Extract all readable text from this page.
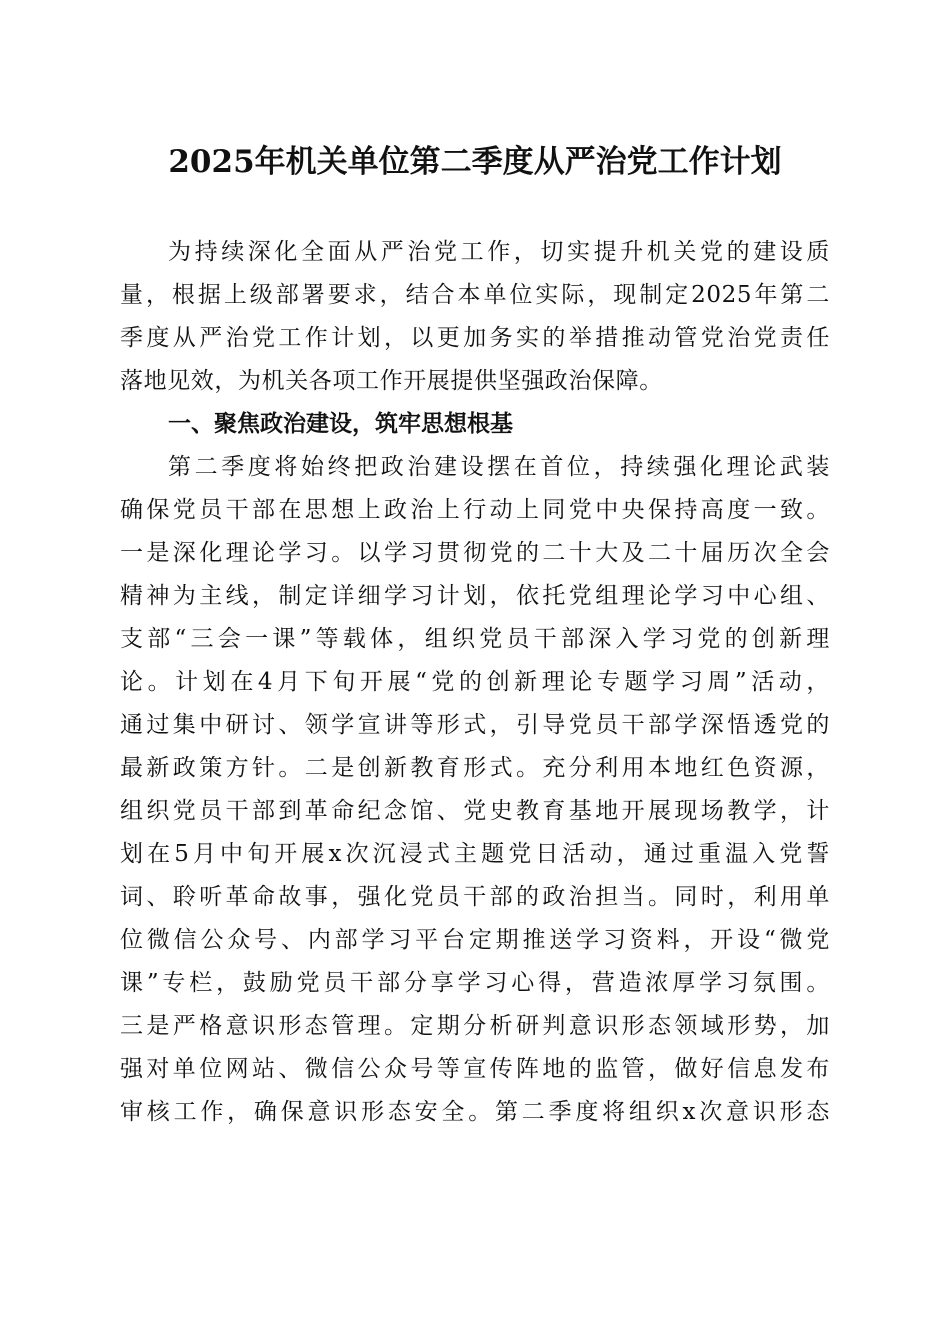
2025年机关单位第二季度从严治党工作计划
为持续深化全面从严治党工作，切实提升机关党的建设质
量，根据上级部署要求，结合本单位实际，现制定2025年第二
季度从严治党工作计划，以更加务实的举措推动管党治党责任
落地见效，为机关各项工作开展提供坚强政治保障。
一、聚焦政治建设，筑牢思想根基
第二季度将始终把政治建设摆在首位，持续强化理论武装
确保党员干部在思想上政治上行动上同党中央保持高度一致。
一是深化理论学习。以学习贯彻党的二十大及二十届历次全会
精神为主线，制定详细学习计划，依托党组理论学习中心组、
支部“三会一课”等载体，组织党员干部深入学习党的创新理
论。计划在4月下旬开展“党的创新理论专题学习周”活动，
通过集中研讨、领学宣讲等形式，引导党员干部学深悟透党的
最新政策方针。二是创新教育形式。充分利用本地红色资源，
组织党员干部到革命纪念馆、党史教育基地开展现场教学，计
划在5月中旬开展x次沉浸式主题党日活动，通过重温入党誓
词、聆听革命故事，强化党员干部的政治担当。同时，利用单
位微信公众号、内部学习平台定期推送学习资料，开设“微党
课”专栏，鼓励党员干部分享学习心得，营造浓厚学习氛围。
三是严格意识形态管理。定期分析研判意识形态领域形势，加
强对单位网站、微信公众号等宣传阵地的监管，做好信息发布
审核工作，确保意识形态安全。第二季度将组织x次意识形态
